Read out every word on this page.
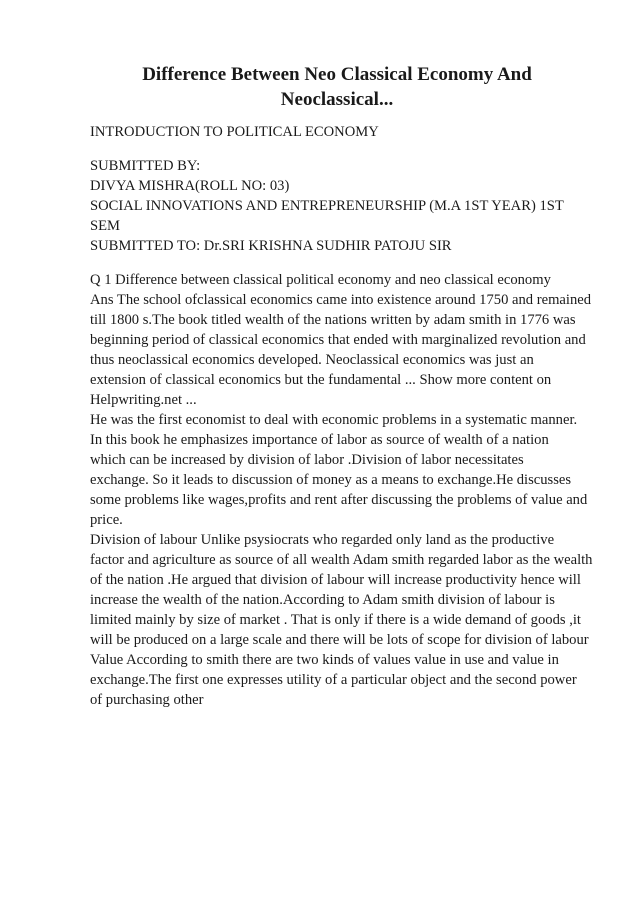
Difference Between Neo Classical Economy And
Neoclassical...
INTRODUCTION TO POLITICAL ECONOMY
SUBMITTED BY:
DIVYA MISHRA(ROLL NO: 03)
SOCIAL INNOVATIONS AND ENTREPRENEURSHIP (M.A 1ST YEAR) 1ST
SEM
SUBMITTED TO: Dr.SRI KRISHNA SUDHIR PATOJU SIR
Q 1 Difference between classical political economy and neo classical economy
Ans The school ofclassical economics came into existence around 1750 and remained
till 1800 s.The book titled wealth of the nations written by adam smith in 1776 was
beginning period of classical economics that ended with marginalized revolution and
thus neoclassical economics developed. Neoclassical economics was just an
extension of classical economics but the fundamental ... Show more content on
Helpwriting.net ...
He was the first economist to deal with economic problems in a systematic manner.
In this book he emphasizes importance of labor as source of wealth of a nation
which can be increased by division of labor .Division of labor necessitates
exchange. So it leads to discussion of money as a means to exchange.He discusses
some problems like wages,profits and rent after discussing the problems of value and
price.
Division of labour Unlike psysiocrats who regarded only land as the productive
factor and agriculture as source of all wealth Adam smith regarded labor as the wealth
of the nation .He argued that division of labour will increase productivity hence will
increase the wealth of the nation.According to Adam smith division of labour is
limited mainly by size of market . That is only if there is a wide demand of goods ,it
will be produced on a large scale and there will be lots of scope for division of labour
Value According to smith there are two kinds of values value in use and value in
exchange.The first one expresses utility of a particular object and the second power
of purchasing other
